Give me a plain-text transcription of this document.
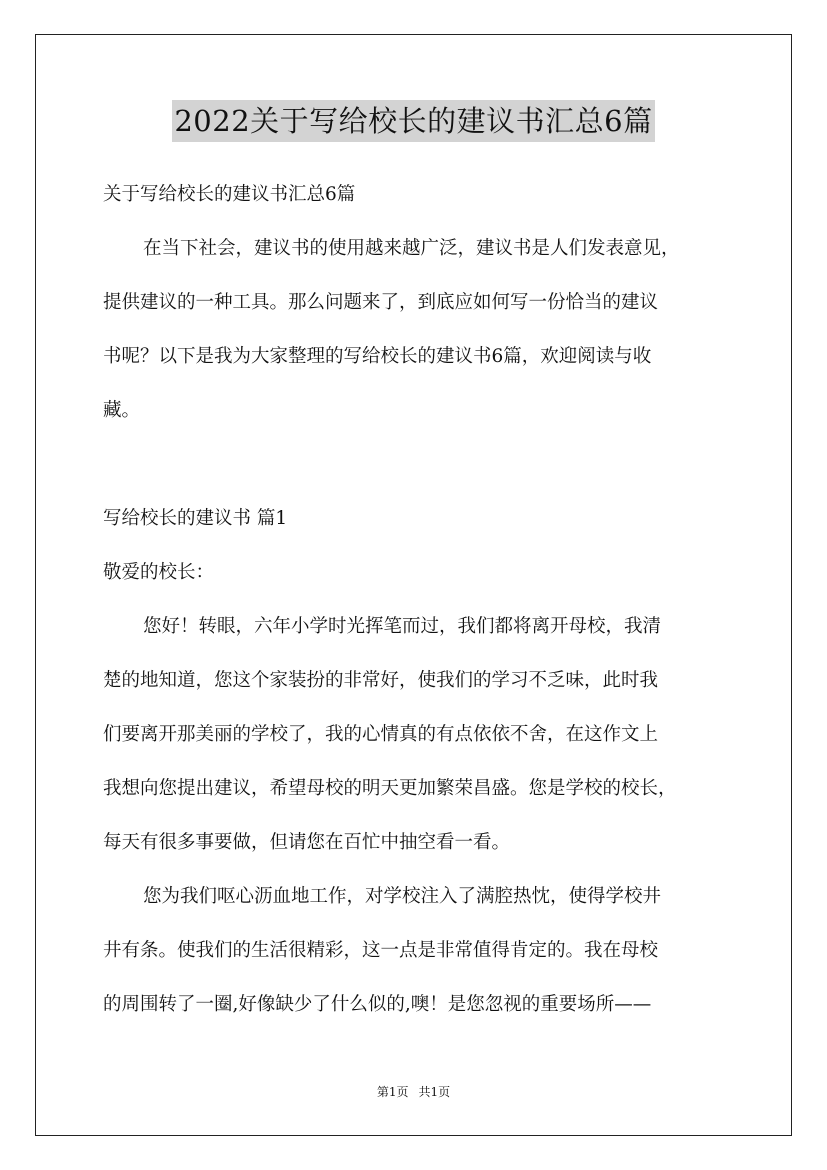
2022关于写给校长的建议书汇总6篇
关于写给校长的建议书汇总6篇
在当下社会，建议书的使用越来越广泛，建议书是人们发表意见，
提供建议的一种工具。那么问题来了，到底应如何写一份恰当的建议
书呢？以下是我为大家整理的写给校长的建议书6篇，欢迎阅读与收
藏。
写给校长的建议书 篇1
敬爱的校长：
您好！转眼，六年小学时光挥笔而过，我们都将离开母校，我清
楚的地知道，您这个家装扮的非常好，使我们的学习不乏味，此时我
们要离开那美丽的学校了，我的心情真的有点依依不舍，在这作文上
我想向您提出建议，希望母校的明天更加繁荣昌盛。您是学校的校长，
每天有很多事要做，但请您在百忙中抽空看一看。
您为我们呕心沥血地工作，对学校注入了满腔热忱，使得学校井
井有条。使我们的生活很精彩，这一点是非常值得肯定的。我在母校
的周围转了一圈,好像缺少了什么似的,噢！是您忽视的重要场所——
第1页 共1页
